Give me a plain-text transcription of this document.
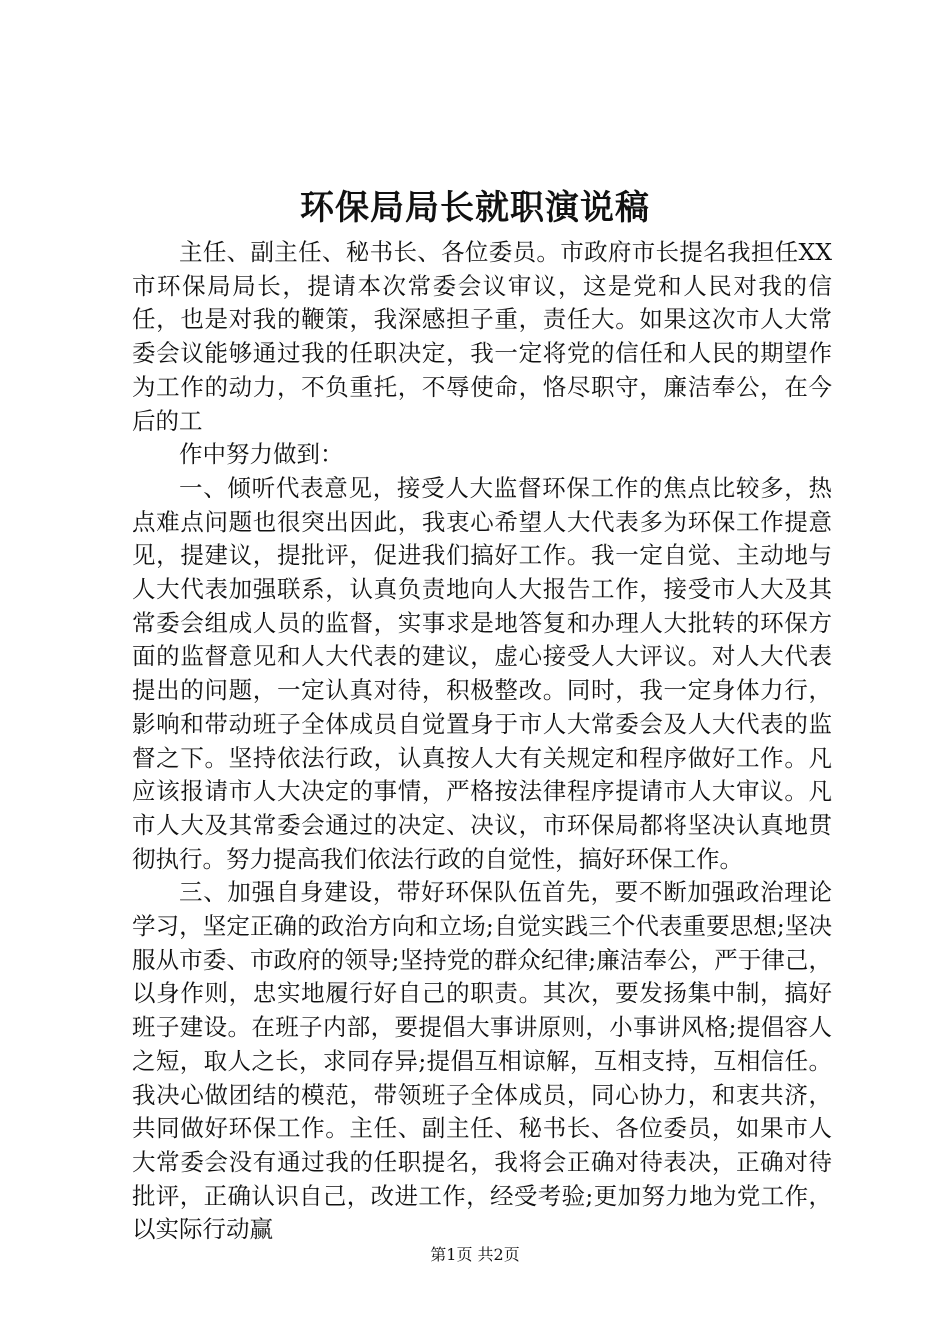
环保局局长就职演说稿

主任、副主任、秘书长、各位委员。市政府市长提名我担任XX市环保局局长，提请本次常委会议审议，这是党和人民对我的信任，也是对我的鞭策，我深感担子重，责任大。如果这次市人大常委会议能够通过我的任职决定，我一定将党的信任和人民的期望作为工作的动力，不负重托，不辱使命，恪尽职守，廉洁奉公，在今后的工

作中努力做到：

一、倾听代表意见，接受人大监督环保工作的焦点比较多，热点难点问题也很突出因此，我衷心希望人大代表多为环保工作提意见，提建议，提批评，促进我们搞好工作。我一定自觉、主动地与人大代表加强联系，认真负责地向人大报告工作，接受市人大及其常委会组成人员的监督，实事求是地答复和办理人大批转的环保方面的监督意见和人大代表的建议，虚心接受人大评议。对人大代表提出的问题，一定认真对待，积极整改。同时，我一定身体力行，影响和带动班子全体成员自觉置身于市人大常委会及人大代表的监督之下。坚持依法行政，认真按人大有关规定和程序做好工作。凡应该报请市人大决定的事情，严格按法律程序提请市人大审议。凡市人大及其常委会通过的决定、决议，市环保局都将坚决认真地贯彻执行。努力提高我们依法行政的自觉性，搞好环保工作。

三、加强自身建设，带好环保队伍首先，要不断加强政治理论学习，坚定正确的政治方向和立场;自觉实践三个代表重要思想;坚决服从市委、市政府的领导;坚持党的群众纪律;廉洁奉公，严于律己，以身作则，忠实地履行好自己的职责。其次，要发扬集中制，搞好班子建设。在班子内部，要提倡大事讲原则，小事讲风格;提倡容人之短，取人之长，求同存异;提倡互相谅解，互相支持，互相信任。我决心做团结的模范，带领班子全体成员，同心协力，和衷共济，共同做好环保工作。主任、副主任、秘书长、各位委员，如果市人大常委会没有通过我的任职提名，我将会正确对待表决，正确对待批评，正确认识自己，改进工作，经受考验;更加努力地为党工作，以实际行动赢

第1页 共2页
